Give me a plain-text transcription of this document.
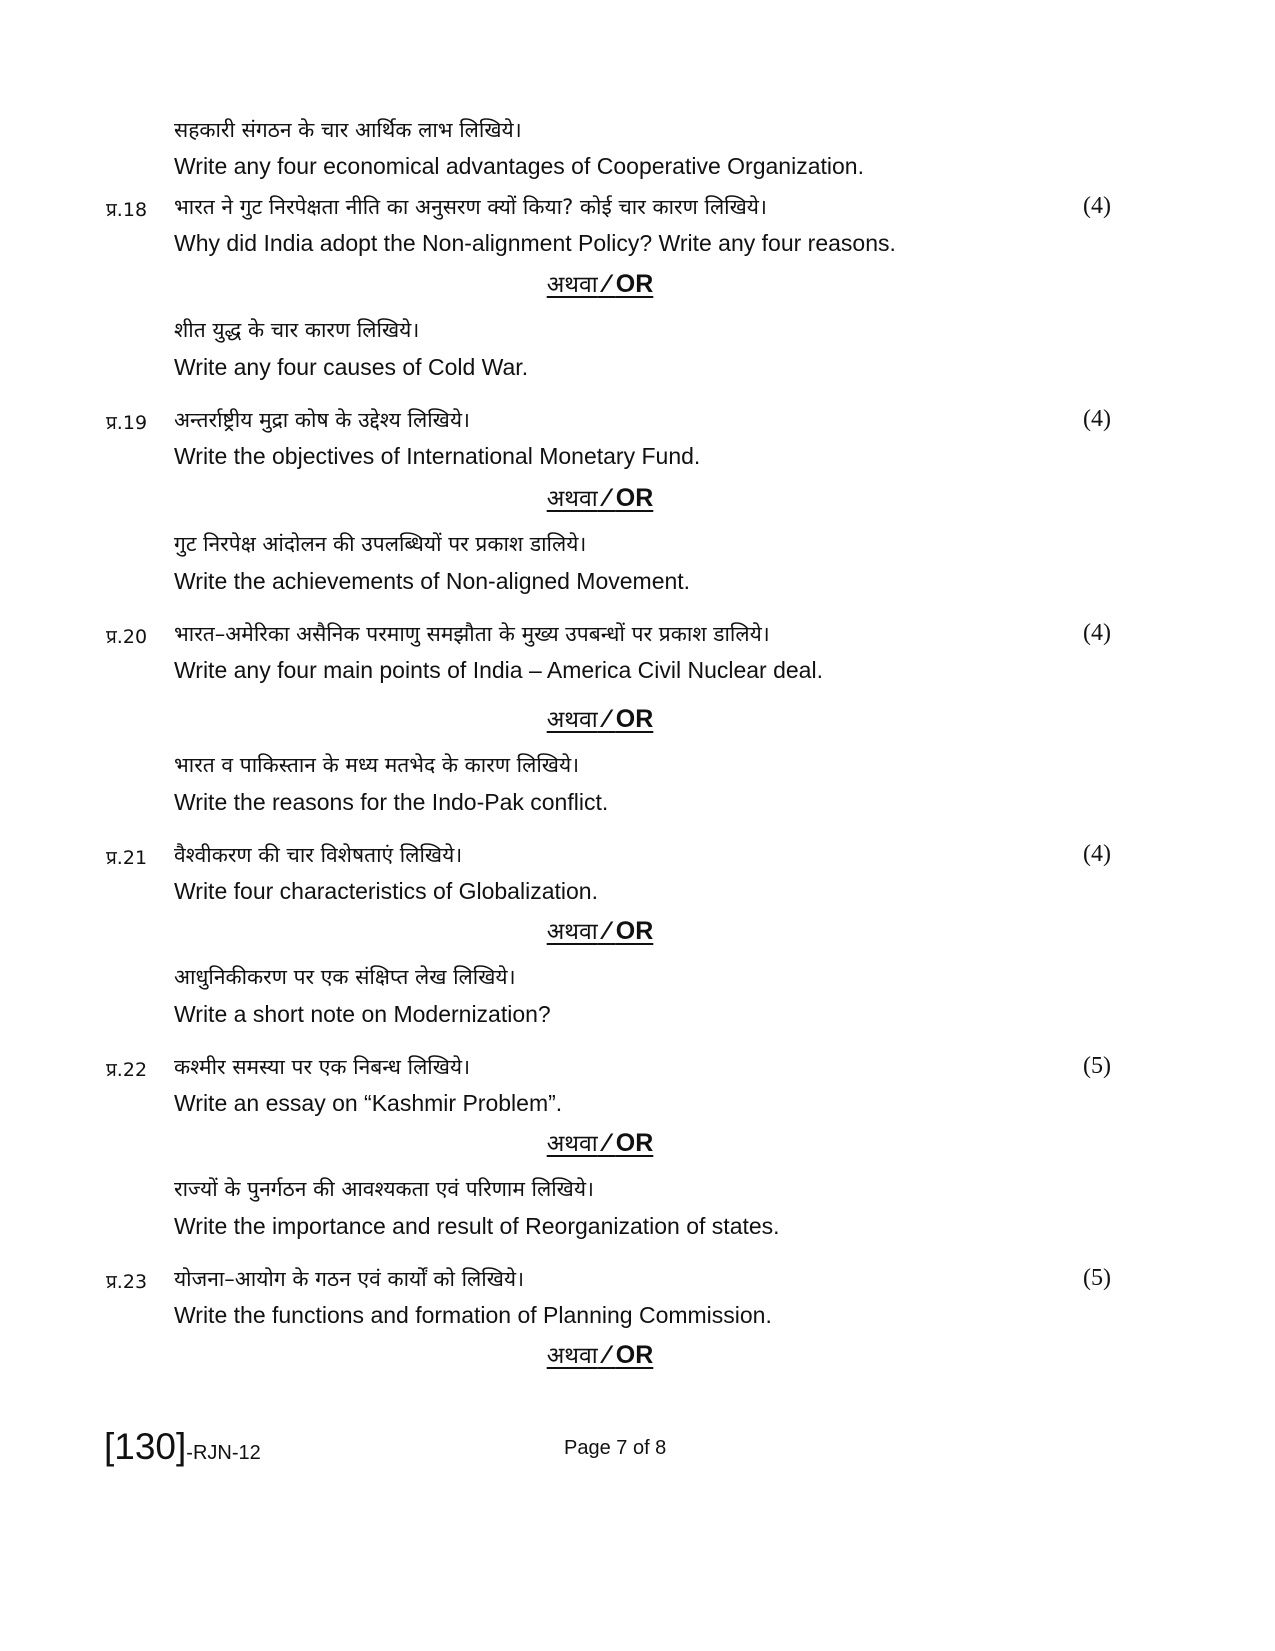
सहकारी संगठन के चार आर्थिक लाभ लिखिये।
Write any four economical advantages of Cooperative Organization.
प्र.18 भारत ने गुट निरपेक्षता नीति का अनुसरण क्यों किया? कोई चार कारण लिखिये।	(4)
Why did India adopt the Non-alignment Policy? Write any four reasons.
अथवा ⁄ OR
शीत युद्ध के चार कारण लिखिये।
Write any four causes of Cold War.
प्र.19 अन्तर्राष्ट्रीय मुद्रा कोष के उद्देश्य लिखिये।	(4)
Write the objectives of International Monetary Fund.
अथवा ⁄ OR
गुट निरपेक्ष आंदोलन की उपलब्धियों पर प्रकाश डालिये।
Write the achievements of Non-aligned Movement.
प्र.20 भारत–अमेरिका असैनिक परमाणु समझौता के मुख्य उपबन्धों पर प्रकाश डालिये।	(4)
Write any four main points of India – America Civil Nuclear deal.
अथवा ⁄ OR
भारत व पाकिस्तान के मध्य मतभेद के कारण लिखिये।
Write the reasons for the Indo-Pak conflict.
प्र.21 वैश्वीकरण की चार विशेषताएं लिखिये।	(4)
Write four characteristics of Globalization.
अथवा ⁄ OR
आधुनिकीकरण पर एक संक्षिप्त लेख लिखिये।
Write a short note on Modernization?
प्र.22 कश्मीर समस्या पर एक निबन्ध लिखिये।	(5)
Write an essay on “Kashmir Problem”.
अथवा ⁄ OR
राज्यों के पुनर्गठन की आवश्यकता एवं परिणाम लिखिये।
Write the importance and result of Reorganization of states.
प्र.23 योजना–आयोग के गठन एवं कार्यों को लिखिये।	(5)
Write the functions and formation of Planning Commission.
अथवा ⁄ OR
[130]-RJN-12	Page 7 of 8
